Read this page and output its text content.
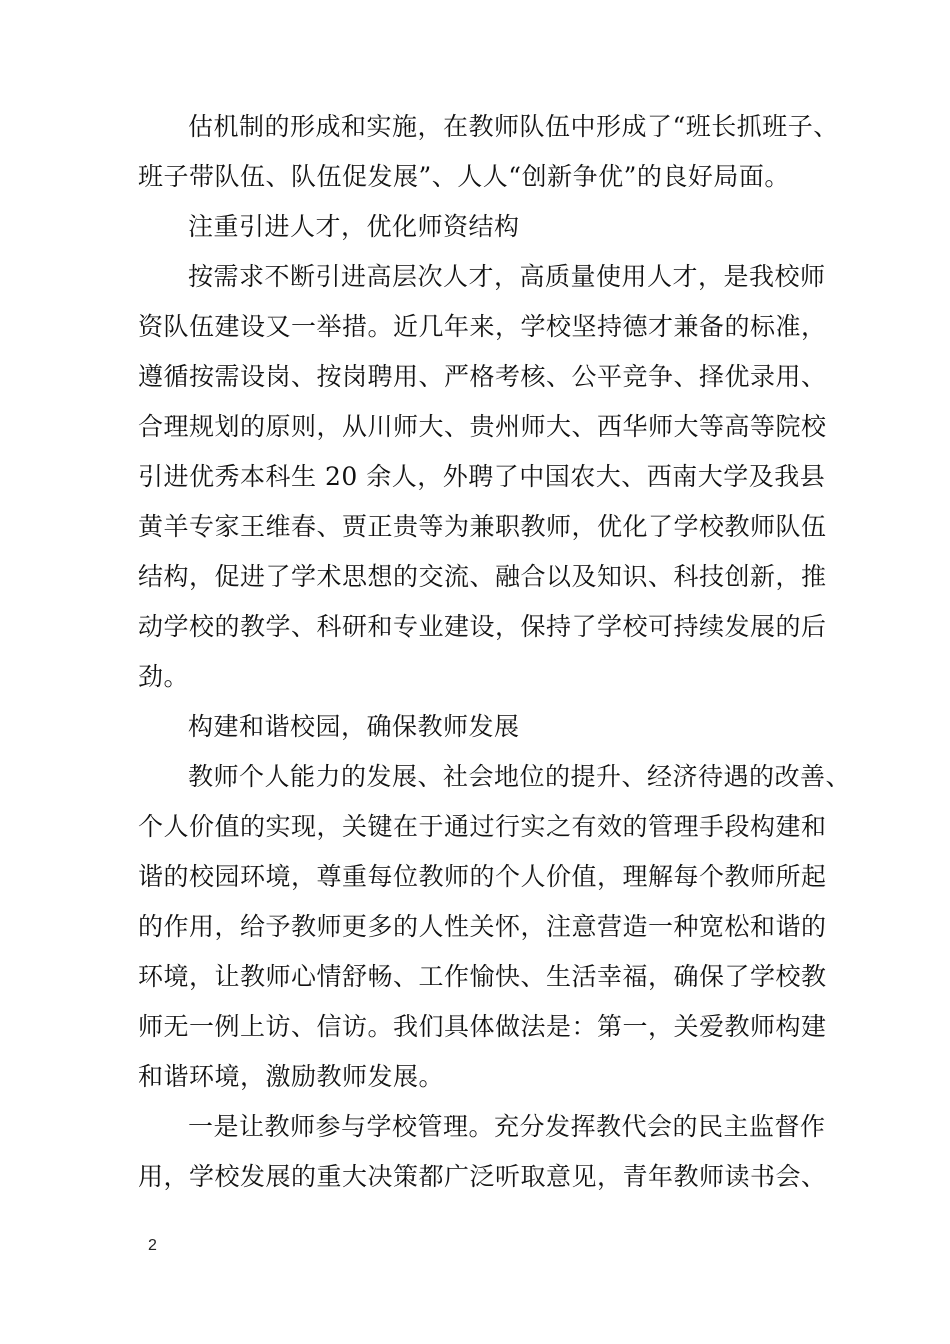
估机制的形成和实施，在教师队伍中形成了“班长抓班子、
班子带队伍、队伍促发展”、人人“创新争优”的良好局面。
注重引进人才，优化师资结构
按需求不断引进高层次人才，高质量使用人才，是我校师
资队伍建设又一举措。近几年来，学校坚持德才兼备的标准，
遵循按需设岗、按岗聘用、严格考核、公平竞争、择优录用、
合理规划的原则，从川师大、贵州师大、西华师大等高等院校
引进优秀本科生 20 余人，外聘了中国农大、西南大学及我县
黄羊专家王维春、贾正贵等为兼职教师，优化了学校教师队伍
结构，促进了学术思想的交流、融合以及知识、科技创新，推
动学校的教学、科研和专业建设，保持了学校可持续发展的后
劲。
构建和谐校园，确保教师发展
教师个人能力的发展、社会地位的提升、经济待遇的改善、
个人价值的实现，关键在于通过行实之有效的管理手段构建和
谐的校园环境，尊重每位教师的个人价值，理解每个教师所起
的作用，给予教师更多的人性关怀，注意营造一种宽松和谐的
环境，让教师心情舒畅、工作愉快、生活幸福，确保了学校教
师无一例上访、信访。我们具体做法是：第一，关爱教师构建
和谐环境，激励教师发展。
一是让教师参与学校管理。充分发挥教代会的民主监督作
用，学校发展的重大决策都广泛听取意见，青年教师读书会、
2
